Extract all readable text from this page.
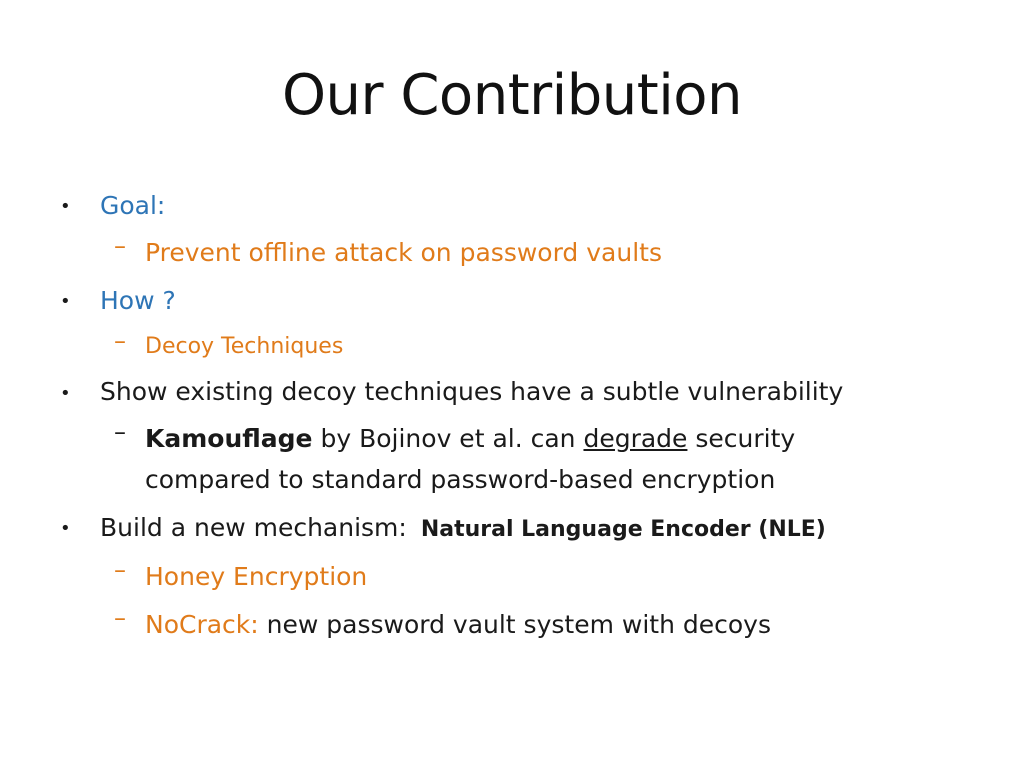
Our Contribution
• Goal:
– Prevent offline attack on password vaults
• How ?
– Decoy Techniques
• Show existing decoy techniques have a subtle vulnerability
– Kamouflage by Bojinov et al. can degrade security
compared to standard password-based encryption
• Build a new mechanism: Natural Language Encoder (NLE)
– Honey Encryption
– NoCrack: new password vault system with decoys
